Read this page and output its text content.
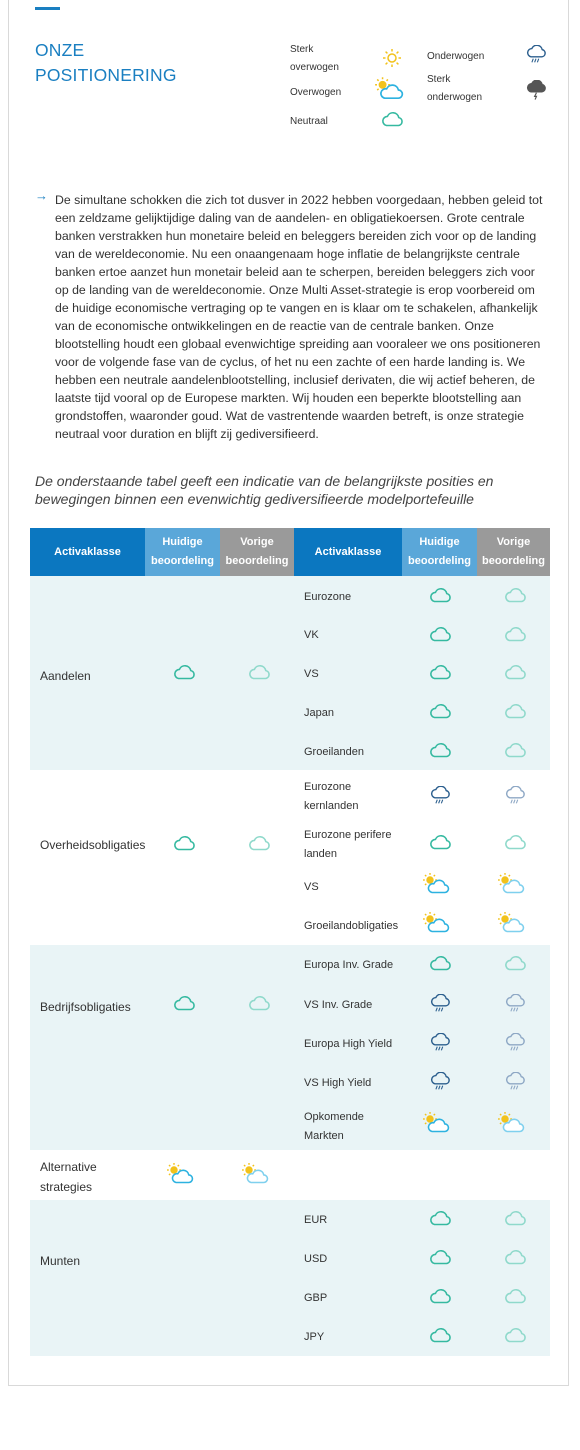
ONZE
POSITIONERING
Sterk
overwogen
Overwogen
Neutraal
Onderwogen
Sterk
onderwogen
→ De simultane schokken die zich tot dusver in 2022 hebben voorgedaan, hebben geleid tot een zeldzame gelijktijdige daling van de aandelen- en obligatiekoersen. Grote centrale banken verstrakken hun monetaire beleid en beleggers bereiden zich voor op de landing van de wereldeconomie. Nu een onaangenaam hoge inflatie de belangrijkste centrale banken ertoe aanzet hun monetair beleid aan te scherpen, bereiden beleggers zich voor op de landing van de wereldeconomie. Onze Multi Asset-strategie is erop voorbereid om de huidige economische vertraging op te vangen en is klaar om te schakelen, afhankelijk van de economische ontwikkelingen en de reactie van de centrale banken. Onze blootstelling houdt een globaal evenwichtige spreiding aan vooraleer we ons positioneren voor de volgende fase van de cyclus, of het nu een zachte of een harde landing is. We hebben een neutrale aandelenblootstelling, inclusief derivaten, die wij actief beheren, de laatste tijd vooral op de Europese markten. Wij houden een beperkte blootstelling aan grondstoffen, waaronder goud. Wat de vastrentende waarden betreft, is onze strategie neutraal voor duration en blijft zij gediversifieerd.

De onderstaande tabel geeft een indicatie van de belangrijkste posities en bewegingen binnen een evenwichtig gediversifieerde modelportefeuille

Activaklasse
Huidige
beoordeling
Vorige
beoordeling
Activaklasse
Huidige
beoordeling
Vorige
beoordeling
Aandelen
Overheidsobligaties
Bedrijfsobligaties
Alternative
strategies
Munten
Eurozone
VK
VS
Japan
Groeilanden
Eurozone
kernlanden
Eurozone perifere
landen
VS
Groeilandobligaties
Europa Inv. Grade
VS Inv. Grade
Europa High Yield
VS High Yield
Opkomende
Markten
EUR
USD
GBP
JPY
